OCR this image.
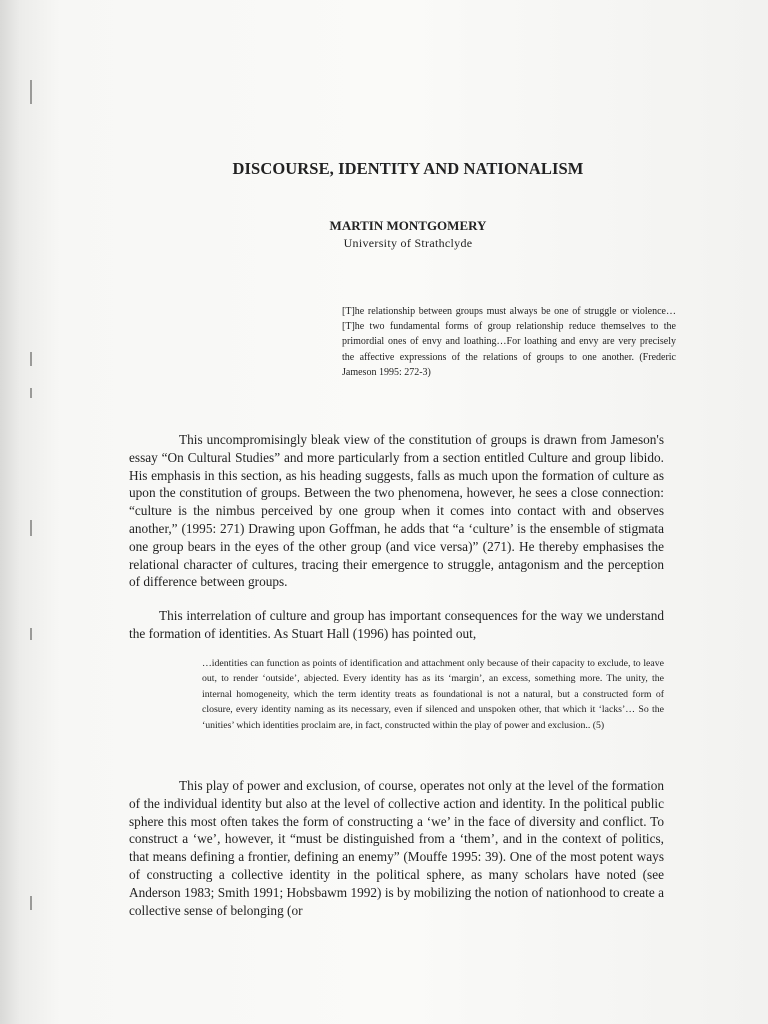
DISCOURSE, IDENTITY AND NATIONALISM
MARTIN MONTGOMERY
University of Strathclyde
[T]he relationship between groups must always be one of struggle or violence…[T]he two fundamental forms of group relationship reduce themselves to the primordial ones of envy and loathing…For loathing and envy are very precisely the affective expressions of the relations of groups to one another. (Frederic Jameson 1995: 272-3)

This uncompromisingly bleak view of the constitution of groups is drawn from Jameson's essay “On Cultural Studies” and more particularly from a section entitled Culture and group libido. His emphasis in this section, as his heading suggests, falls as much upon the formation of culture as upon the constitution of groups. Between the two phenomena, however, he sees a close connection: “culture is the nimbus perceived by one group when it comes into contact with and observes another,” (1995: 271) Drawing upon Goffman, he adds that “a ‘culture’ is the ensemble of stigmata one group bears in the eyes of the other group (and vice versa)” (271). He thereby emphasises the relational character of cultures, tracing their emergence to struggle, antagonism and the perception of difference between groups.

This interrelation of culture and group has important consequences for the way we understand the formation of identities. As Stuart Hall (1996) has pointed out,

…identities can function as points of identification and attachment only because of their capacity to exclude, to leave out, to render ‘outside’, abjected. Every identity has as its ‘margin’, an excess, something more. The unity, the internal homogeneity, which the term identity treats as foundational is not a natural, but a constructed form of closure, every identity naming as its necessary, even if silenced and unspoken other, that which it ‘lacks’… So the ‘unities’ which identities proclaim are, in fact, constructed within the play of power and exclusion.. (5)

This play of power and exclusion, of course, operates not only at the level of the formation of the individual identity but also at the level of collective action and identity. In the political public sphere this most often takes the form of constructing a ‘we’ in the face of diversity and conflict. To construct a ‘we’, however, it “must be distinguished from a ‘them’, and in the context of politics, that means defining a frontier, defining an enemy” (Mouffe 1995: 39). One of the most potent ways of constructing a collective identity in the political sphere, as many scholars have noted (see Anderson 1983; Smith 1991; Hobsbawm 1992) is by mobilizing the notion of nationhood to create a collective sense of belonging (or
